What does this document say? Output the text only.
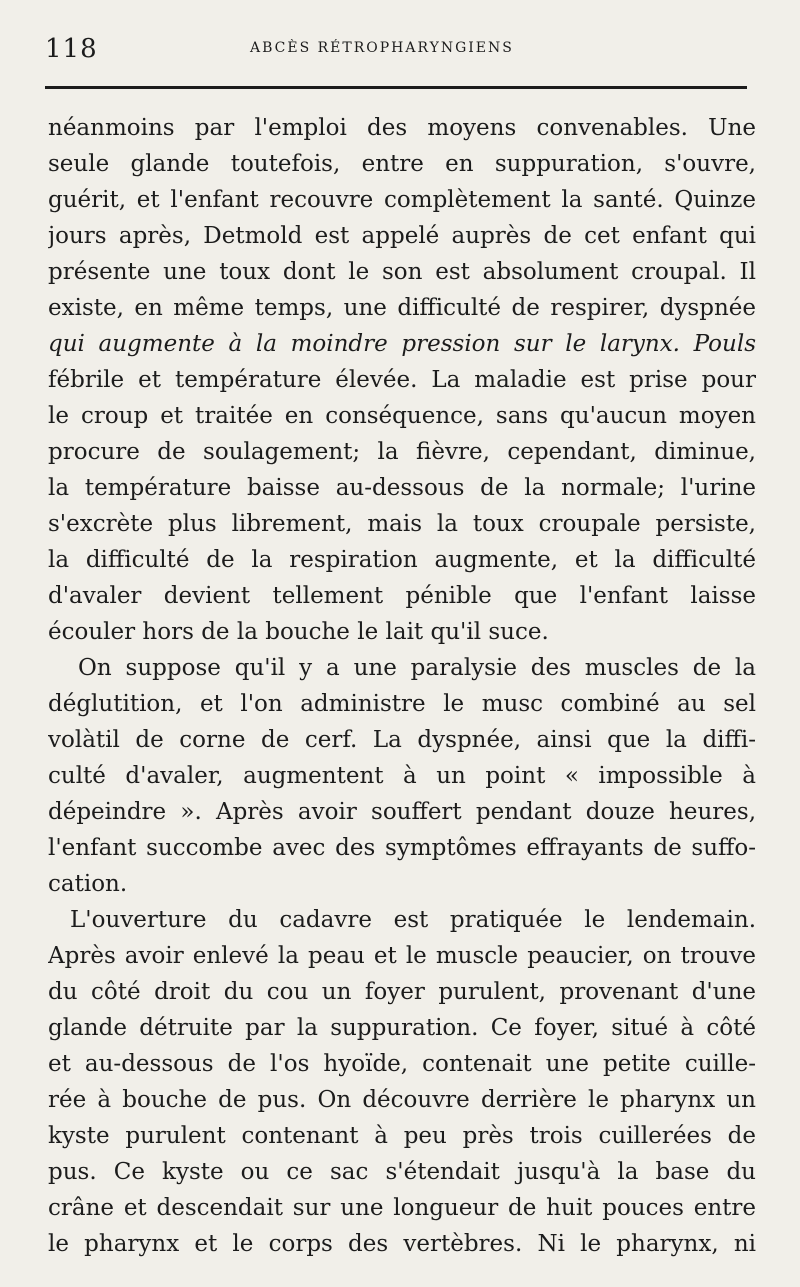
118	ABCÈS RÉTROPHARYNGIENS
néanmoins par l'emploi des moyens convenables. Une
seule glande toutefois, entre en suppuration, s'ouvre,
guérit, et l'enfant recouvre complètement la santé. Quinze
jours après, Detmold est appelé auprès de cet enfant qui
présente une toux dont le son est absolument croupal. Il
existe, en même temps, une difficulté de respirer, dyspnée
qui augmente à la moindre pression sur le larynx. Pouls
fébrile et température élevée. La maladie est prise pour
le croup et traitée en conséquence, sans qu'aucun moyen
procure de soulagement; la fièvre, cependant, diminue,
la température baisse au-dessous de la normale; l'urine
s'excrète plus librement, mais la toux croupale persiste,
la difficulté de la respiration augmente, et la difficulté
d'avaler devient tellement pénible que l'enfant laisse
écouler hors de la bouche le lait qu'il suce.
On suppose qu'il y a une paralysie des muscles de la
déglutition, et l'on administre le musc combiné au sel
volàtil de corne de cerf. La dyspnée, ainsi que la diffi-
culté d'avaler, augmentent à un point « impossible à
dépeindre ». Après avoir souffert pendant douze heures,
l'enfant succombe avec des symptômes effrayants de suffo-
cation.
L'ouverture du cadavre est pratiquée le lendemain.
Après avoir enlevé la peau et le muscle peaucier, on trouve
du côté droit du cou un foyer purulent, provenant d'une
glande détruite par la suppuration. Ce foyer, situé à côté
et au-dessous de l'os hyoïde, contenait une petite cuille-
rée à bouche de pus. On découvre derrière le pharynx un
kyste purulent contenant à peu près trois cuillerées de
pus. Ce kyste ou ce sac s'étendait jusqu'à la base du
crâne et descendait sur une longueur de huit pouces entre
le pharynx et le corps des vertèbres. Ni le pharynx, ni
